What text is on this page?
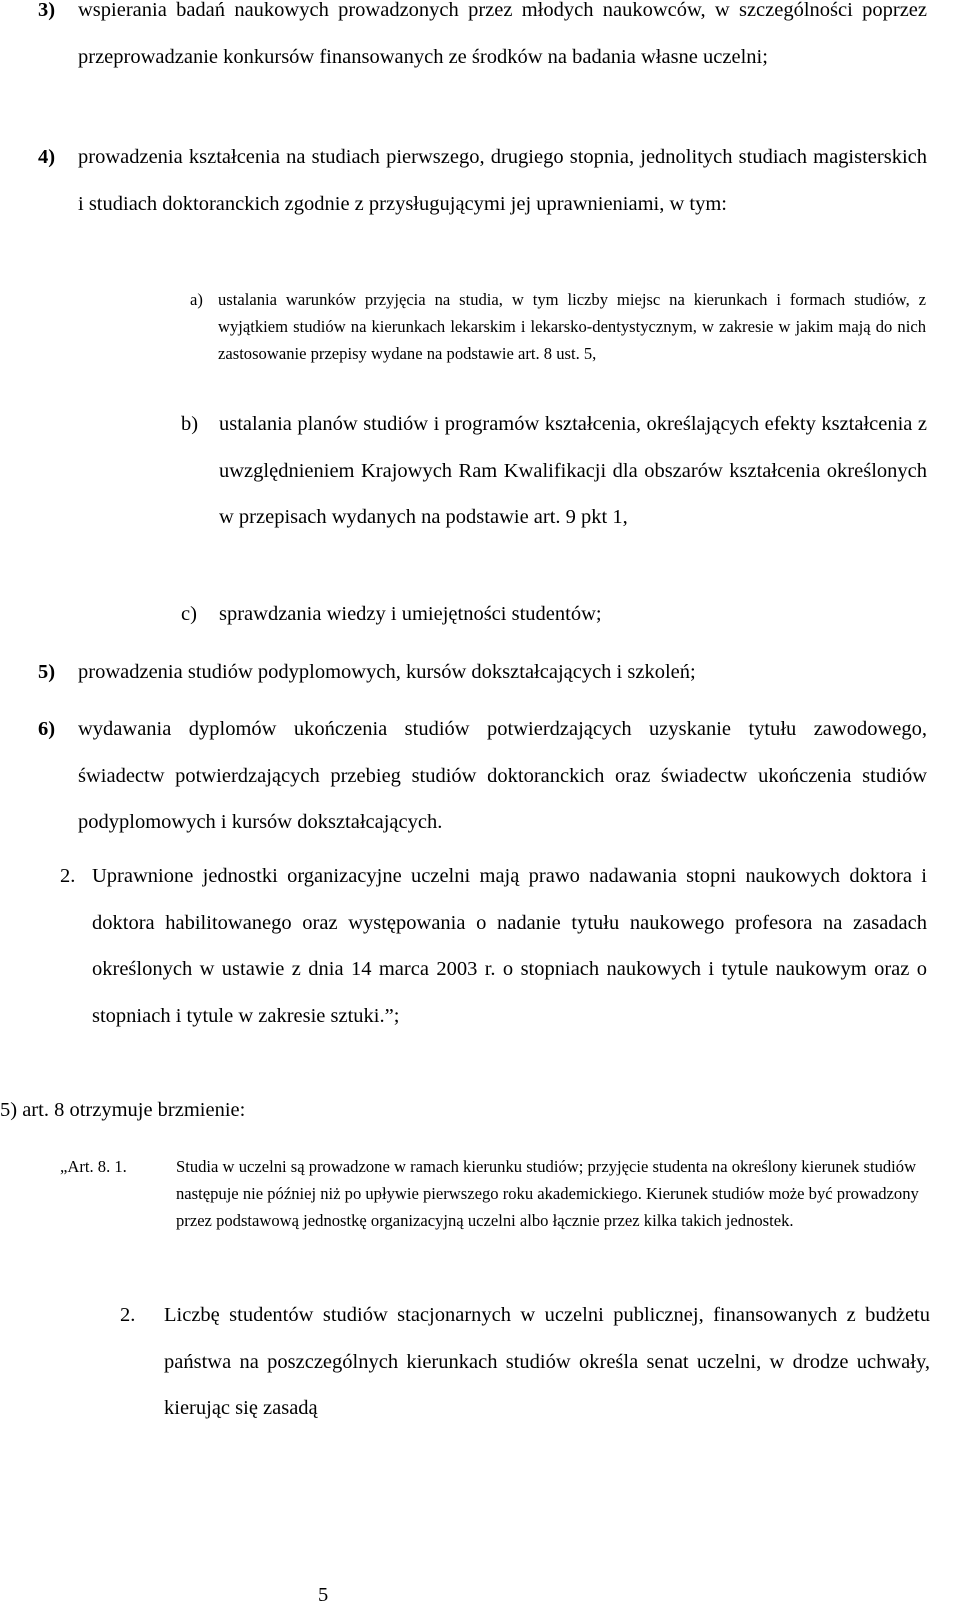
3) wspierania badań naukowych prowadzonych przez młodych naukowców, w szczególności poprzez przeprowadzanie konkursów finansowanych ze środków na badania własne uczelni;
4) prowadzenia kształcenia na studiach pierwszego, drugiego stopnia, jednolitych studiach magisterskich i studiach doktoranckich zgodnie z przysługującymi jej uprawnieniami, w tym:
a) ustalania warunków przyjęcia na studia, w tym liczby miejsc na kierunkach i formach studiów, z wyjątkiem studiów na kierunkach lekarskim i lekarsko-dentystycznym, w zakresie w jakim mają do nich zastosowanie przepisy wydane na podstawie art. 8 ust. 5,
b) ustalania planów studiów i programów kształcenia, określających efekty kształcenia z uwzględnieniem Krajowych Ram Kwalifikacji dla obszarów kształcenia określonych w przepisach wydanych na podstawie art. 9 pkt 1,
c) sprawdzania wiedzy i umiejętności studentów;
5) prowadzenia studiów podyplomowych, kursów dokształcających i szkoleń;
6) wydawania dyplomów ukończenia studiów potwierdzających uzyskanie tytułu zawodowego, świadectw potwierdzających przebieg studiów doktoranckich oraz świadectw ukończenia studiów podyplomowych i kursów dokształcających.
2. Uprawnione jednostki organizacyjne uczelni mają prawo nadawania stopni naukowych doktora i doktora habilitowanego oraz występowania o nadanie tytułu naukowego profesora na zasadach określonych w ustawie z dnia 14 marca 2003 r. o stopniach naukowych i tytule naukowym oraz o stopniach i tytule w zakresie sztuki.”;
5) art. 8 otrzymuje brzmienie:
„Art. 8. 1.	Studia w uczelni są prowadzone w ramach kierunku studiów; przyjęcie studenta na określony kierunek studiów następuje nie później niż po upływie pierwszego roku akademickiego. Kierunek studiów może być prowadzony przez podstawową jednostkę organizacyjną uczelni albo łącznie przez kilka takich jednostek.
2. Liczbę studentów studiów stacjonarnych w uczelni publicznej, finansowanych z budżetu państwa na poszczególnych kierunkach studiów określa senat uczelni, w drodze uchwały, kierując się zasadą
5
